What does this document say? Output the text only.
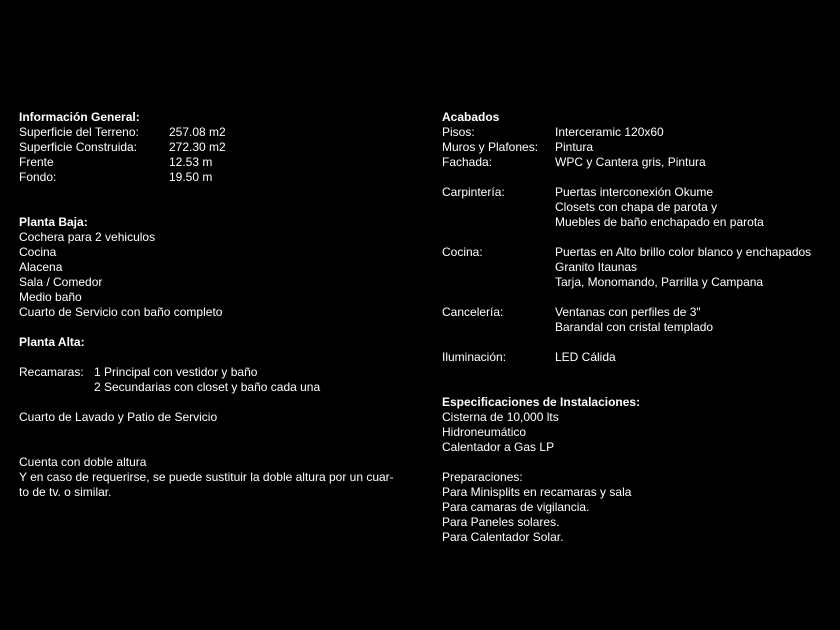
Información General:
Superficie del Terreno:	257.08 m2
Superficie Construida:	272.30 m2
Frente	12.53 m
Fondo:	19.50 m
Planta Baja:
Cochera para 2 vehiculos
Cocina
Alacena
Sala / Comedor
Medio baño
Cuarto de Servicio con baño completo
Planta Alta:
Recamaras: 1 Principal con vestidor y baño
2 Secundarias con closet y baño cada una
Cuarto de Lavado y Patio de Servicio
Cuenta con doble altura
Y en caso de requerirse, se puede sustituir la doble altura por un cuar-
to de tv. o similar.
Acabados
Pisos:	Interceramic 120x60
Muros y Plafones:	Pintura
Fachada:	WPC y Cantera gris, Pintura
Carpintería:	Puertas interconexión Okume
Closets con chapa de parota y
Muebles de baño enchapado en parota
Cocina:	Puertas en Alto brillo color blanco y enchapados
Granito Itaunas
Tarja, Monomando, Parrilla y Campana
Cancelería:	Ventanas con perfiles de 3"
Barandal con cristal templado
Iluminación:	LED Cálida
Especificaciones de Instalaciones:
Cisterna de 10,000 lts
Hidroneumático
Calentador a Gas LP
Preparaciones:
Para Minisplits en recamaras y sala
Para camaras de vigilancia.
Para Paneles solares.
Para Calentador Solar.
